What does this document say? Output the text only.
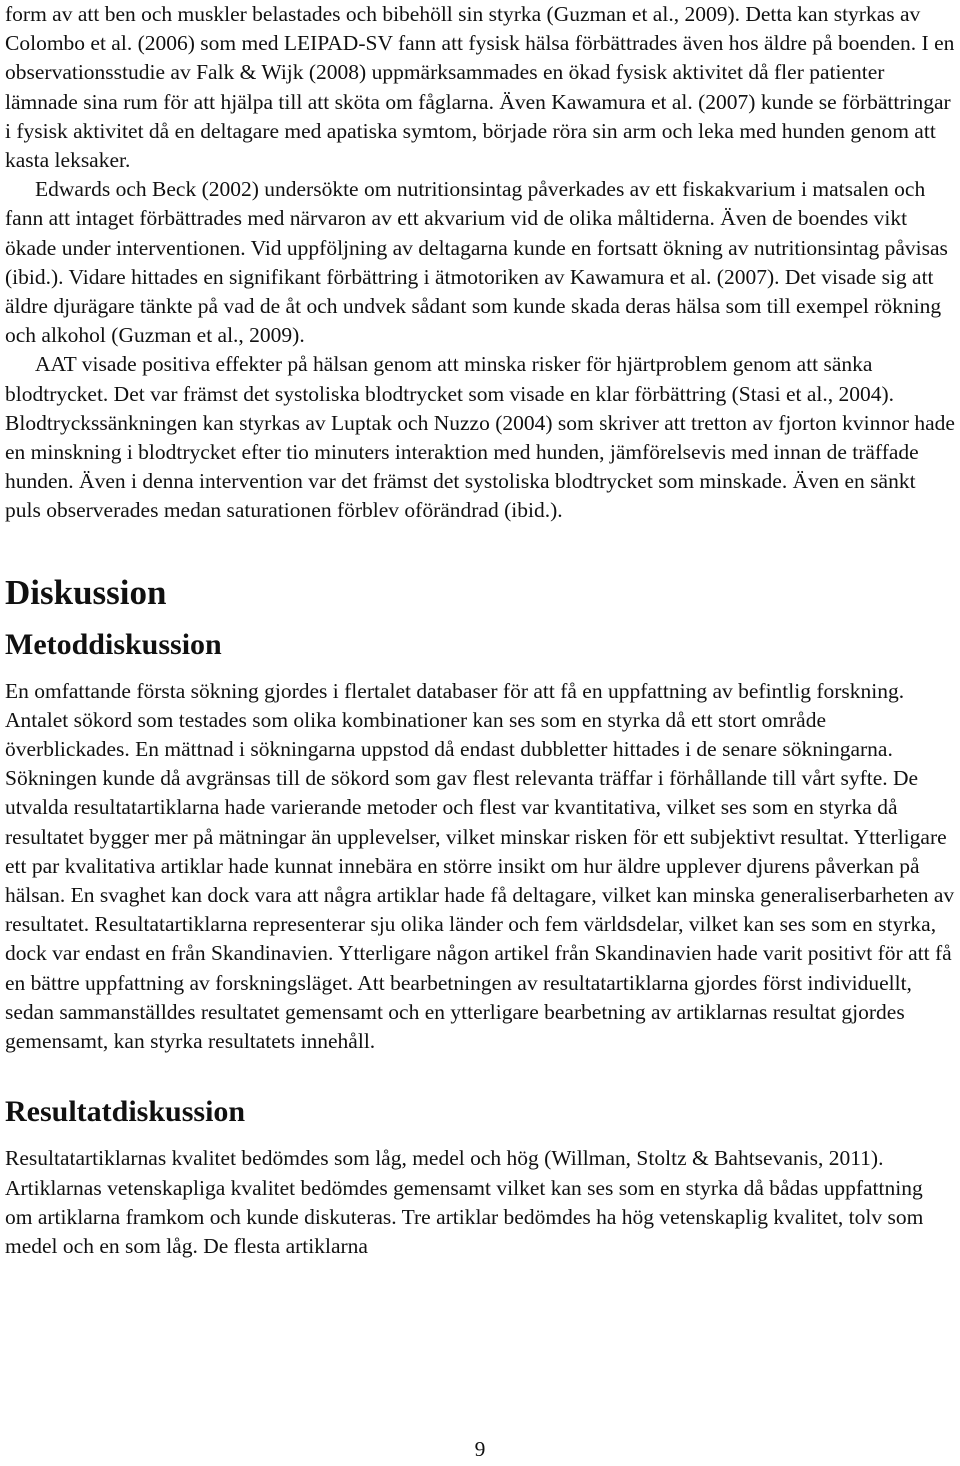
form av att ben och muskler belastades och bibehöll sin styrka (Guzman et al., 2009). Detta kan styrkas av Colombo et al. (2006) som med LEIPAD-SV fann att fysisk hälsa förbättrades även hos äldre på boenden. I en observationsstudie av Falk & Wijk (2008) uppmärksammades en ökad fysisk aktivitet då fler patienter lämnade sina rum för att hjälpa till att sköta om fåglarna. Även Kawamura et al. (2007) kunde se förbättringar i fysisk aktivitet då en deltagare med apatiska symtom, började röra sin arm och leka med hunden genom att kasta leksaker.

Edwards och Beck (2002) undersökte om nutritionsintag påverkades av ett fiskakvarium i matsalen och fann att intaget förbättrades med närvaron av ett akvarium vid de olika måltiderna. Även de boendes vikt ökade under interventionen. Vid uppföljning av deltagarna kunde en fortsatt ökning av nutritionsintag påvisas (ibid.). Vidare hittades en signifikant förbättring i ätmotoriken av Kawamura et al. (2007). Det visade sig att äldre djurägare tänkte på vad de åt och undvek sådant som kunde skada deras hälsa som till exempel rökning och alkohol (Guzman et al., 2009).

AAT visade positiva effekter på hälsan genom att minska risker för hjärtproblem genom att sänka blodtrycket. Det var främst det systoliska blodtrycket som visade en klar förbättring (Stasi et al., 2004). Blodtryckssänkningen kan styrkas av Luptak och Nuzzo (2004) som skriver att tretton av fjorton kvinnor hade en minskning i blodtrycket efter tio minuters interaktion med hunden, jämförelsevis med innan de träffade hunden. Även i denna intervention var det främst det systoliska blodtrycket som minskade. Även en sänkt puls observerades medan saturationen förblev oförändrad (ibid.).

Diskussion
Metoddiskussion

En omfattande första sökning gjordes i flertalet databaser för att få en uppfattning av befintlig forskning. Antalet sökord som testades som olika kombinationer kan ses som en styrka då ett stort område överblickades. En mättnad i sökningarna uppstod då endast dubbletter hittades i de senare sökningarna. Sökningen kunde då avgränsas till de sökord som gav flest relevanta träffar i förhållande till vårt syfte. De utvalda resultatartiklarna hade varierande metoder och flest var kvantitativa, vilket ses som en styrka då resultatet bygger mer på mätningar än upplevelser, vilket minskar risken för ett subjektivt resultat. Ytterligare ett par kvalitativa artiklar hade kunnat innebära en större insikt om hur äldre upplever djurens påverkan på hälsan. En svaghet kan dock vara att några artiklar hade få deltagare, vilket kan minska generaliserbarheten av resultatet. Resultatartiklarna representerar sju olika länder och fem världsdelar, vilket kan ses som en styrka, dock var endast en från Skandinavien. Ytterligare någon artikel från Skandinavien hade varit positivt för att få en bättre uppfattning av forskningsläget. Att bearbetningen av resultatartiklarna gjordes först individuellt, sedan sammanställdes resultatet gemensamt och en ytterligare bearbetning av artiklarnas resultat gjordes gemensamt, kan styrka resultatets innehåll.

Resultatdiskussion

Resultatartiklarnas kvalitet bedömdes som låg, medel och hög (Willman, Stoltz & Bahtsevanis, 2011). Artiklarnas vetenskapliga kvalitet bedömdes gemensamt vilket kan ses som en styrka då bådas uppfattning om artiklarna framkom och kunde diskuteras. Tre artiklar bedömdes ha hög vetenskaplig kvalitet, tolv som medel och en som låg. De flesta artiklarna

9
